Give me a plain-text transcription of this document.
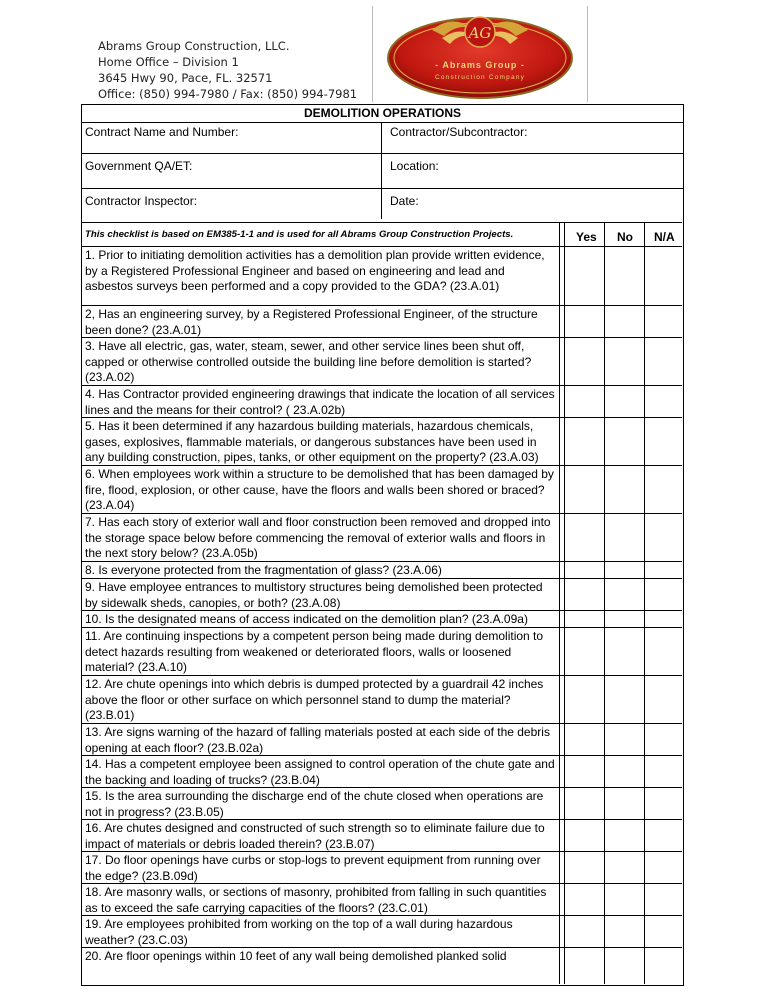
Abrams Group Construction, LLC.
Home Office – Division 1
3645 Hwy 90, Pace, FL. 32571
Office: (850) 994-7980 / Fax: (850) 994-7981
AG
- Abrams Group -
Construction Company
DEMOLITION OPERATIONS
Contract Name and Number:	Contractor/Subcontractor:
Government QA/ET:	Location:
Contractor Inspector:	Date:
This checklist is based on EM385-1-1 and is used for all Abrams Group Construction Projects.	Yes No N/A
1. Prior to initiating demolition activities has a demolition plan provide written evidence, by a Registered Professional Engineer and based on engineering and lead and asbestos surveys been performed and a copy provided to the GDA? (23.A.01)
2, Has an engineering survey, by a Registered Professional Engineer, of the structure been done? (23.A.01)
3. Have all electric, gas, water, steam, sewer, and other service lines been shut off, capped or otherwise controlled outside the building line before demolition is started? (23.A.02)
4. Has Contractor provided engineering drawings that indicate the location of all services lines and the means for their control? ( 23.A.02b)
5. Has it been determined if any hazardous building materials, hazardous chemicals, gases, explosives, flammable materials, or dangerous substances have been used in any building construction, pipes, tanks, or other equipment on the property? (23.A.03)
6. When employees work within a structure to be demolished that has been damaged by fire, flood, explosion, or other cause, have the floors and walls been shored or braced? (23.A.04)
7. Has each story of exterior wall and floor construction been removed and dropped into the storage space below before commencing the removal of exterior walls and floors in the next story below? (23.A.05b)
8. Is everyone protected from the fragmentation of glass? (23.A.06)
9. Have employee entrances to multistory structures being demolished been protected by sidewalk sheds, canopies, or both? (23.A.08)
10. Is the designated means of access indicated on the demolition plan? (23.A.09a)
11. Are continuing inspections by a competent person being made during demolition to detect hazards resulting from weakened or deteriorated floors, walls or loosened material? (23.A.10)
12. Are chute openings into which debris is dumped protected by a guardrail 42 inches above the floor or other surface on which personnel stand to dump the material? (23.B.01)
13. Are signs warning of the hazard of falling materials posted at each side of the debris opening at each floor? (23.B.02a)
14. Has a competent employee been assigned to control operation of the chute gate and the backing and loading of trucks? (23.B.04)
15. Is the area surrounding the discharge end of the chute closed when operations are not in progress? (23.B.05)
16. Are chutes designed and constructed of such strength so to eliminate failure due to impact of materials or debris loaded therein? (23.B.07)
17. Do floor openings have curbs or stop-logs to prevent equipment from running over the edge? (23.B.09d)
18. Are masonry walls, or sections of masonry, prohibited from falling in such quantities as to exceed the safe carrying capacities of the floors? (23.C.01)
19. Are employees prohibited from working on the top of a wall during hazardous weather? (23.C.03)
20. Are floor openings within 10 feet of any wall being demolished planked solid
